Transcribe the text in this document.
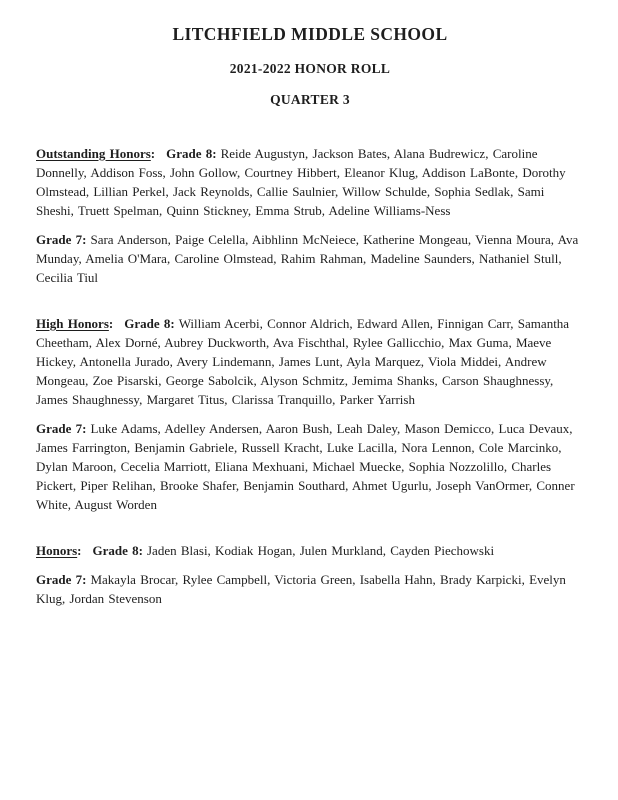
LITCHFIELD MIDDLE SCHOOL
2021-2022 HONOR ROLL
QUARTER 3

Outstanding Honors: Grade 8: Reide Augustyn, Jackson Bates, Alana Budrewicz, Caroline Donnelly, Addison Foss, John Gollow, Courtney Hibbert, Eleanor Klug, Addison LaBonte, Dorothy Olmstead, Lillian Perkel, Jack Reynolds, Callie Saulnier, Willow Schulde, Sophia Sedlak, Sami Sheshi, Truett Spelman, Quinn Stickney, Emma Strub, Adeline Williams-Ness

Grade 7: Sara Anderson, Paige Celella, Aibhlinn McNeiece, Katherine Mongeau, Vienna Moura, Ava Munday, Amelia O'Mara, Caroline Olmstead, Rahim Rahman, Madeline Saunders, Nathaniel Stull, Cecilia Tiul

High Honors: Grade 8: William Acerbi, Connor Aldrich, Edward Allen, Finnigan Carr, Samantha Cheetham, Alex Dorné, Aubrey Duckworth, Ava Fischthal, Rylee Gallicchio, Max Guma, Maeve Hickey, Antonella Jurado, Avery Lindemann, James Lunt, Ayla Marquez, Viola Middei, Andrew Mongeau, Zoe Pisarski, George Sabolcik, Alyson Schmitz, Jemima Shanks, Carson Shaughnessy, James Shaughnessy, Margaret Titus, Clarissa Tranquillo, Parker Yarrish

Grade 7: Luke Adams, Adelley Andersen, Aaron Bush, Leah Daley, Mason Demicco, Luca Devaux, James Farrington, Benjamin Gabriele, Russell Kracht, Luke Lacilla, Nora Lennon, Cole Marcinko, Dylan Maroon, Cecelia Marriott, Eliana Mexhuani, Michael Muecke, Sophia Nozzolillo, Charles Pickert, Piper Relihan, Brooke Shafer, Benjamin Southard, Ahmet Ugurlu, Joseph VanOrmer, Conner White, August Worden

Honors: Grade 8: Jaden Blasi, Kodiak Hogan, Julen Murkland, Cayden Piechowski

Grade 7: Makayla Brocar, Rylee Campbell, Victoria Green, Isabella Hahn, Brady Karpicki, Evelyn Klug, Jordan Stevenson
